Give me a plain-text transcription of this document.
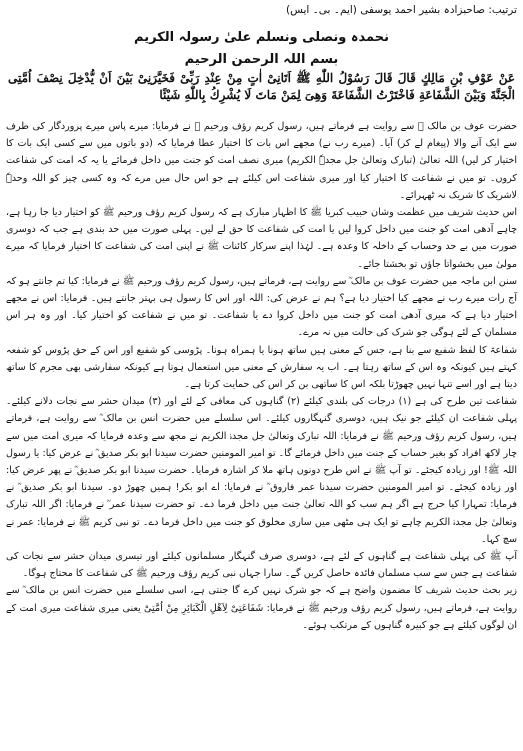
ترتیب: صاحبزادہ بشیر احمد یوسفی (ایم۔ بی۔ ایس)
نحمدہ ونصلی ونسلم علیٰ رسولہ الکریم
بسم اللہ الرحمن الرحیم

عَنْ عَوْفِ بْنِ مَالِكٍ قَالَ قَالَ رَسُوْلُ اللّٰهِ ﷺ اَتَانِیْ اٰتٍ مِنْ عِنْدِ رَبِّیْ فَخَیَّرَنِیْ بَیْنَ اَنْ یُّدْخِلَ نِصْفَ اُمَّتِی الْجَنَّةَ وَبَیْنَ الشَّفَاعَةِ فَاخْتَرْتُ الشَّفَاعَةَ وَھِیَ لِمَنْ مَاتَ لَا یُشْرِكُ بِاللّٰهِ شَیْئًا

حضرت عوف بن مالک ؓ سے روایت ہے فرماتے ہیں، رسول کریم رؤف ورحیم ﷺ نے فرمایا: میرے پاس میرے پروردگار کی طرف سے ایک آنے والا (پیغام لے کر) آیا۔ (میرے رب نے) مجھے اس بات کا اختیار عطا فرمایا کہ (دو باتوں میں سے کسی ایک بات کا اختیار کر لیں) اللہ تعالیٰ (تبارک وتعالیٰ جل مجدہٗ الکریم) میری نصف امت کو جنت میں داخل فرمائے یا یہ کہ امت کی شفاعت کروں۔ تو میں نے شفاعت کا اختیار کیا اور میری شفاعت اس کیلئے ہے جو اس حال میں مرے کہ وہ کسی چیز کو اللہ وحدہٗ لاشریک کا شریک نہ ٹھہرائے۔

اس حدیث شریف میں عظمت وشان حبیب کبریا ﷺ کا اظہار مبارک ہے کہ رسول کریم رؤف ورحیم ﷺ کو اختیار دیا جا رہا ہے، چاہے آدھی امت کو جنت میں داخل کروا لیں یا امت کی شفاعت کا حق لے لیں۔ پہلی صورت میں حد بندی ہے جب کہ دوسری صورت میں بے حد وحساب کے داخلہ کا وعدہ ہے۔ لہٰذا اپنے سرکار کائنات ﷺ نے اپنی امت کی شفاعت کا اختیار فرمایا کہ میرے مولیٰ میں بخشواتا جاؤں تو بخشتا جائے۔

سنن ابن ماجہ میں حضرت عوف بن مالک ؓ سے روایت ہے، فرماتے ہیں، رسول کریم رؤف ورحیم ﷺ نے فرمایا: کیا تم جانتے ہو کہ آج رات میرے رب نے مجھے کیا اختیار دیا ہے؟ ہم نے عرض کی: اللہ اور اس کا رسول ہی بہتر جانتے ہیں۔ فرمایا: اس نے مجھے اختیار دیا ہے کہ میری آدھی امت کو جنت میں داخل کروا دے یا شفاعت۔ تو میں نے شفاعت کو اختیار کیا۔ اور وہ ہر اس مسلمان کے لئے ہوگی جو شرک کی حالت میں نہ مرے۔

شفاعۃ کا لفظ شفیع سے بنا ہے، جس کے معنی ہیں ساتھ ہونا یا ہمراہ ہونا۔ پڑوسی کو شفیع اور اس کے حق پڑوس کو شفعہ کہتے ہیں کیونکہ وہ اس کے ساتھ رہتا ہے۔ اب یہ سفارش کے معنی میں استعمال ہوتا ہے کیونکہ سفارشی بھی مجرم کا ساتھ دیتا ہے اور اسے تنہا نہیں چھوڑتا بلکہ اس کا ساتھی بن کر اس کی حمایت کرتا ہے۔

شفاعت تین طرح کی ہے (۱) درجات کی بلندی کیلئے (۲) گناہوں کی معافی کے لئے اور (۳) میدان حشر سے نجات دلانے کیلئے۔ پہلی شفاعت ان کیلئے جو نیک ہیں، دوسری گنہگاروں کیلئے۔ اس سلسلے میں حضرت انس بن مالک ؓ سے روایت ہے، فرماتے ہیں، رسول کریم رؤف ورحیم ﷺ نے فرمایا: اللہ تبارک وتعالیٰ جل مجدہٗ الکریم نے مجھ سے وعدہ فرمایا کہ میری امت میں سے چار لاکھ افراد کو بغیر حساب کے جنت میں داخل فرمائے گا۔ تو امیر المومنین حضرت سیدنا ابو بکر صدیق ؓ نے عرض کیا: یا رسول اللہ ﷺ! اور زیادہ کیجئے۔ تو آپ ﷺ نے اس طرح دونوں ہاتھ ملا کر اشارہ فرمایا۔ حضرت سیدنا ابو بکر صدیق ؓ نے پھر عرض کیا: اور زیادہ کیجئے۔ تو امیر المومنین حضرت سیدنا عمر فاروق ؓ نے فرمایا: اے ابو بکر! ہمیں چھوڑ دو۔ سیدنا ابو بکر صدیق ؓ نے فرمایا: تمہارا کیا حرج ہے اگر ہم سب کو اللہ تعالیٰ جنت میں داخل فرما دے۔ تو حضرت سیدنا عمر ؓ نے فرمایا: اگر اللہ تبارک وتعالیٰ جل مجدہٗ الکریم چاہے تو ایک ہی مٹھی میں ساری مخلوق کو جنت میں داخل فرما دے۔ تو نبی کریم ﷺ نے فرمایا: عمر نے سچ کہا۔

آپ ﷺ کی پہلی شفاعت ہے گناہوں کے لئے ہے، دوسری صرف گنہگار مسلمانوں کیلئے اور تیسری میدان حشر سے نجات کی شفاعت ہے جس سے سب مسلمان فائدہ حاصل کریں گے۔ سارا جہاں نبی کریم رؤف ورحیم ﷺ کی شفاعت کا محتاج ہوگا۔

زیر بحث حدیث شریف کا مضمون واضح ہے کہ جو شرک نہیں کرے گا جنتی ہے، اسی سلسلے میں حضرت انس بن مالک ؓ سے روایت ہے، فرماتے ہیں، رسول کریم رؤف ورحیم ﷺ نے فرمایا: شَفَاعَتِیْ لِاَھْلِ الْکَبَائِرِ مِنْ اُمَّتِیْ یعنی میری شفاعت میری امت کے ان لوگوں کیلئے ہے جو کبیرہ گناہوں کے مرتکب ہوئے۔
